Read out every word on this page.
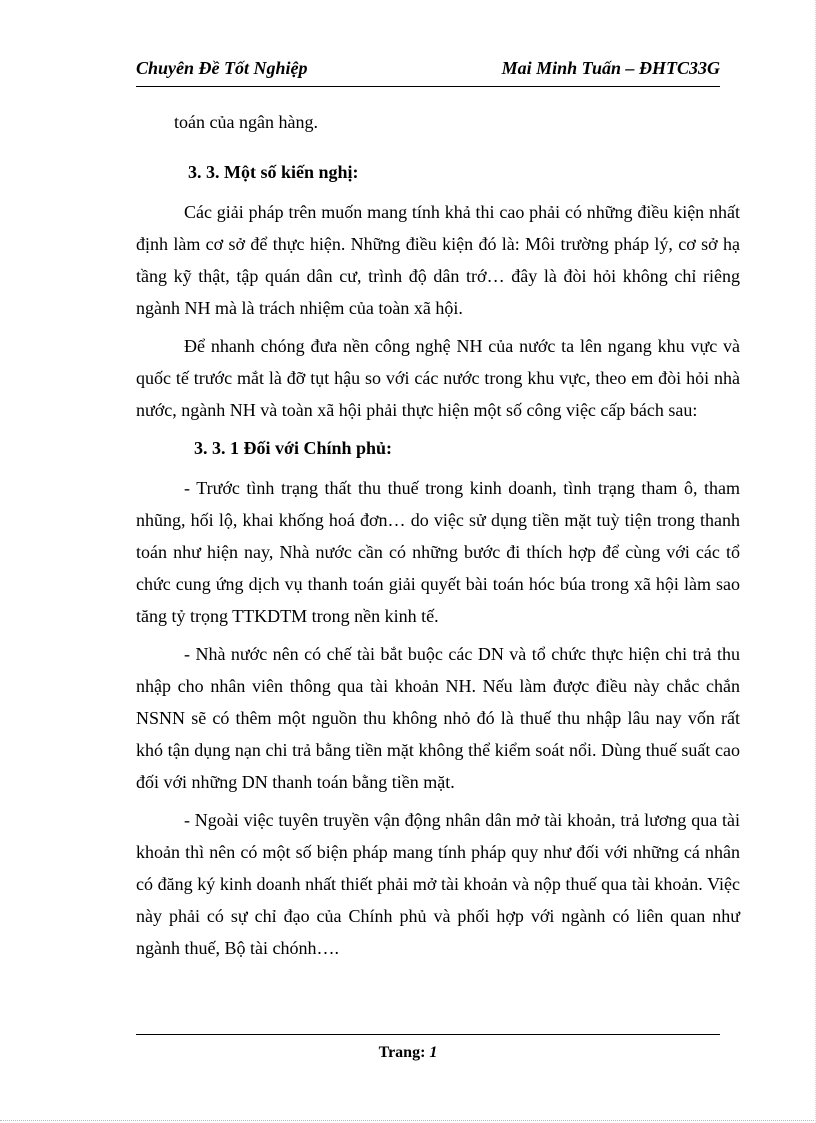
Chuyên Đề Tốt Nghiệp	Mai Minh Tuấn – ĐHTC33G

toán của ngân hàng.

3. 3. Một số kiến nghị:

Các giải pháp trên muốn mang tính khả thi cao phải có những điều kiện nhất định làm cơ sở để thực hiện. Những điều kiện đó là: Môi trường pháp lý, cơ sở hạ tầng kỹ thật, tập quán dân cư, trình độ dân trớ… đây là đòi hỏi không chỉ riêng ngành NH mà là trách nhiệm của toàn xã hội.

Để nhanh chóng đưa nền công nghệ NH của nước ta lên ngang khu vực và quốc tế trước mắt là đỡ tụt hậu so với các nước trong khu vực, theo em đòi hỏi nhà nước, ngành NH và toàn xã hội phải thực hiện một số công việc cấp bách sau:

3. 3. 1 Đối với Chính phủ:

- Trước tình trạng thất thu thuế trong kinh doanh, tình trạng tham ô, tham nhũng, hối lộ, khai khống hoá đơn… do việc sử dụng tiền mặt tuỳ tiện trong thanh toán như hiện nay, Nhà nước cần có những bước đi thích hợp để cùng với các tổ chức cung ứng dịch vụ thanh toán giải quyết bài toán hóc búa trong xã hội làm sao tăng tỷ trọng TTKDTM trong nền kinh tế.

- Nhà nước nên có chế tài bắt buộc các DN và tổ chức thực hiện chi trả thu nhập cho nhân viên thông qua tài khoản NH. Nếu làm được điều này chắc chắn NSNN sẽ có thêm một nguồn thu không nhỏ đó là thuế thu nhập lâu nay vốn rất khó tận dụng nạn chi trả bằng tiền mặt không thể kiểm soát nổi. Dùng thuế suất cao đối với những DN thanh toán bằng tiền mặt.

- Ngoài việc tuyên truyền vận động nhân dân mở tài khoản, trả lương qua tài khoản thì nên có một số biện pháp mang tính pháp quy như đối với những cá nhân có đăng ký kinh doanh nhất thiết phải mở tài khoản và nộp thuế qua tài khoản. Việc này phải có sự chỉ đạo của Chính phủ và phối hợp với ngành có liên quan như ngành thuế, Bộ tài chónh….

Trang: 1
